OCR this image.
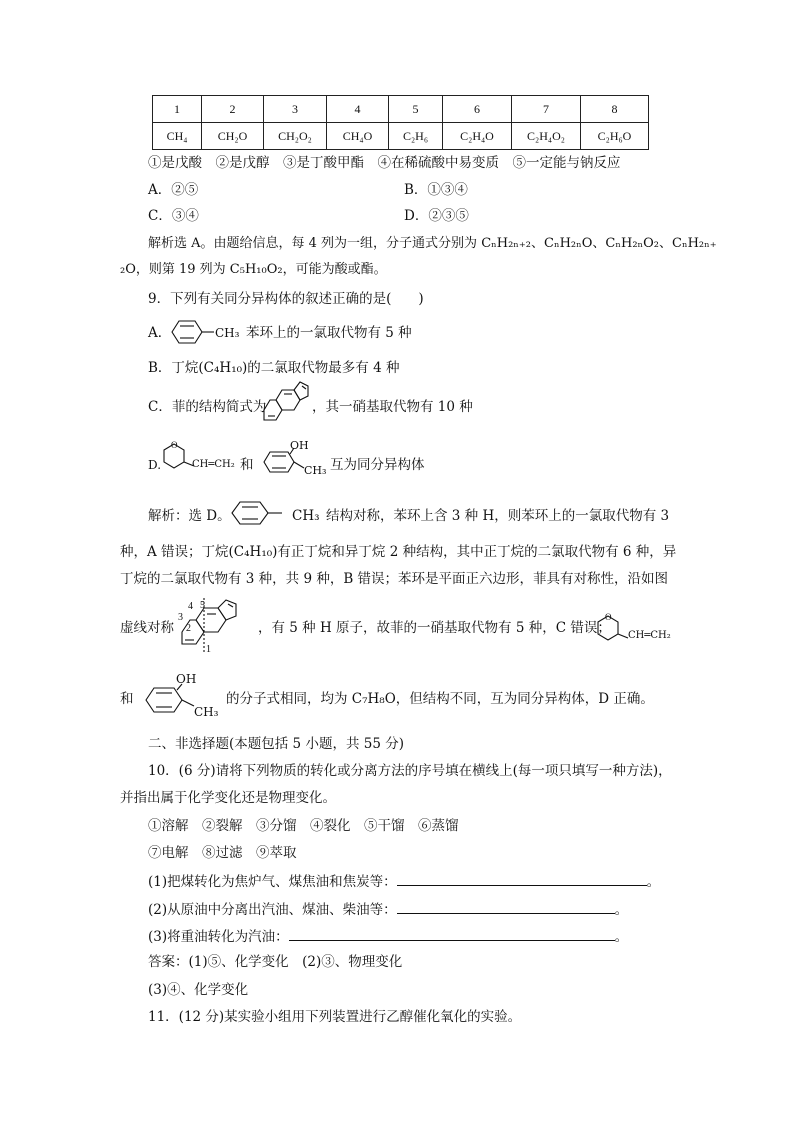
1	2	3	4	5	6	7	8
CH₄	CH₂O	CH₂O₂	CH₄O	C₂H₆	C₂H₄O	C₂H₄O₂	C₂H₆O
①是戊酸　②是戊醇　③是丁酸甲酯　④在稀硫酸中易变质　⑤一定能与钠反应
A．②⑤	B．①③④
C．③④	D．②③⑤
解析选 A。由题给信息，每 4 列为一组，分子通式分别为 CₙH₂ₙ₊₂、CₙH₂ₙO、CₙH₂ₙO₂、CₙH₂ₙ₊
₂O，则第 19 列为 C₅H₁₀O₂，可能为酸或酯。
9．下列有关同分异构体的叙述正确的是(　　)
A．	CH₃ 苯环上的一氯取代物有 5 种
B．丁烷(C₄H₁₀)的二氯取代物最多有 4 种
C．菲的结构简式为	，其一硝基取代物有 10 种
D.
O
CH═CH₂ 和
OH
CH₃ 互为同分异构体
解析：选 D。	CH₃ 结构对称，苯环上含 3 种 H，则苯环上的一氯取代物有 3
种，A 错误；丁烷(C₄H₁₀)有正丁烷和异丁烷 2 种结构，其中正丁烷的二氯取代物有 6 种，异
丁烷的二氯取代物有 3 种，共 9 种，B 错误；苯环是平面正六边形，菲具有对称性，沿如图
虚线对称
1
2
3
4 5
，有 5 种 H 原子，故菲的一硝基取代物有 5 种，C 错误；
O
CH═CH₂
和
OH
CH₃
的分子式相同，均为 C₇H₈O，但结构不同，互为同分异构体，D 正确。
二、非选择题(本题包括 5 小题，共 55 分)
10．(6 分)请将下列物质的转化或分离方法的序号填在横线上(每一项只填写一种方法)，
并指出属于化学变化还是物理变化。
①溶解　②裂解　③分馏　④裂化　⑤干馏　⑥蒸馏
⑦电解　⑧过滤　⑨萃取
(1)把煤转化为焦炉气、煤焦油和焦炭等：	。
(2)从原油中分离出汽油、煤油、柴油等：	。
(3)将重油转化为汽油：	。
答案：(1)⑤、化学变化　(2)③、物理变化
(3)④、化学变化
11．(12 分)某实验小组用下列装置进行乙醇催化氧化的实验。
